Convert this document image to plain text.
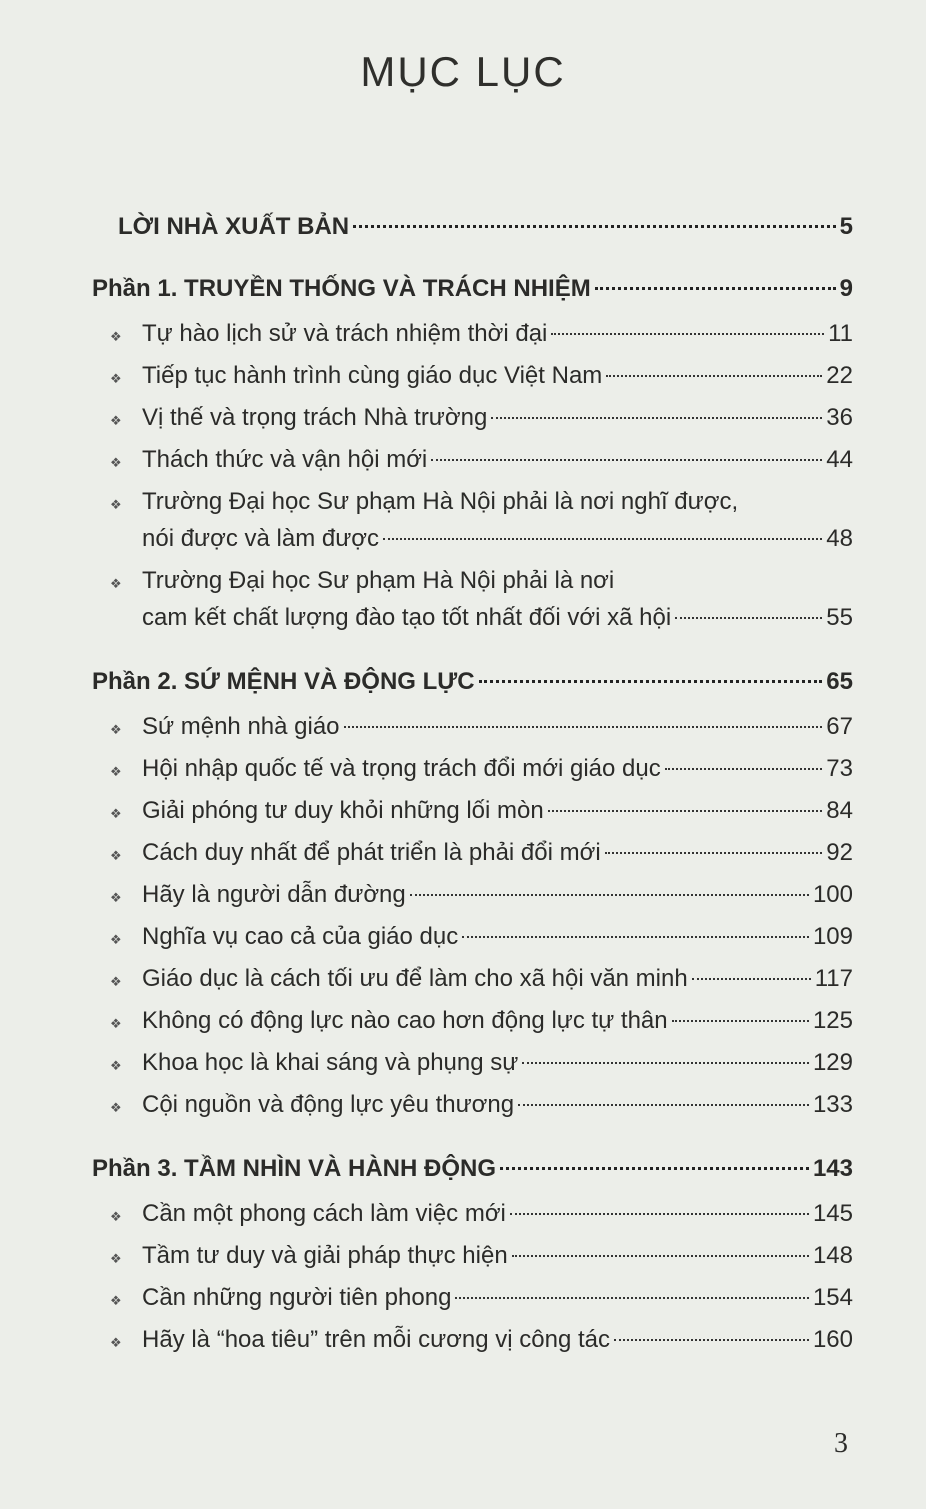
MỤC LỤC
LỜI NHÀ XUẤT BẢN	5
Phần 1. TRUYỀN THỐNG VÀ TRÁCH NHIỆM	9
❖ Tự hào lịch sử và trách nhiệm thời đại	11
❖ Tiếp tục hành trình cùng giáo dục Việt Nam	22
❖ Vị thế và trọng trách Nhà trường	36
❖ Thách thức và vận hội mới	44
❖ Trường Đại học Sư phạm Hà Nội phải là nơi nghĩ được,
nói được và làm được	48
❖ Trường Đại học Sư phạm Hà Nội phải là nơi
cam kết chất lượng đào tạo tốt nhất đối với xã hội	55
Phần 2. SỨ MỆNH VÀ ĐỘNG LỰC	65
❖ Sứ mệnh nhà giáo	67
❖ Hội nhập quốc tế và trọng trách đổi mới giáo dục	73
❖ Giải phóng tư duy khỏi những lối mòn	84
❖ Cách duy nhất để phát triển là phải đổi mới	92
❖ Hãy là người dẫn đường	100
❖ Nghĩa vụ cao cả của giáo dục	109
❖ Giáo dục là cách tối ưu để làm cho xã hội văn minh	117
❖ Không có động lực nào cao hơn động lực tự thân	125
❖ Khoa học là khai sáng và phụng sự	129
❖ Cội nguồn và động lực yêu thương	133
Phần 3. TẦM NHÌN VÀ HÀNH ĐỘNG	143
❖ Cần một phong cách làm việc mới	145
❖ Tầm tư duy và giải pháp thực hiện	148
❖ Cần những người tiên phong	154
❖ Hãy là “hoa tiêu” trên mỗi cương vị công tác	160
3
